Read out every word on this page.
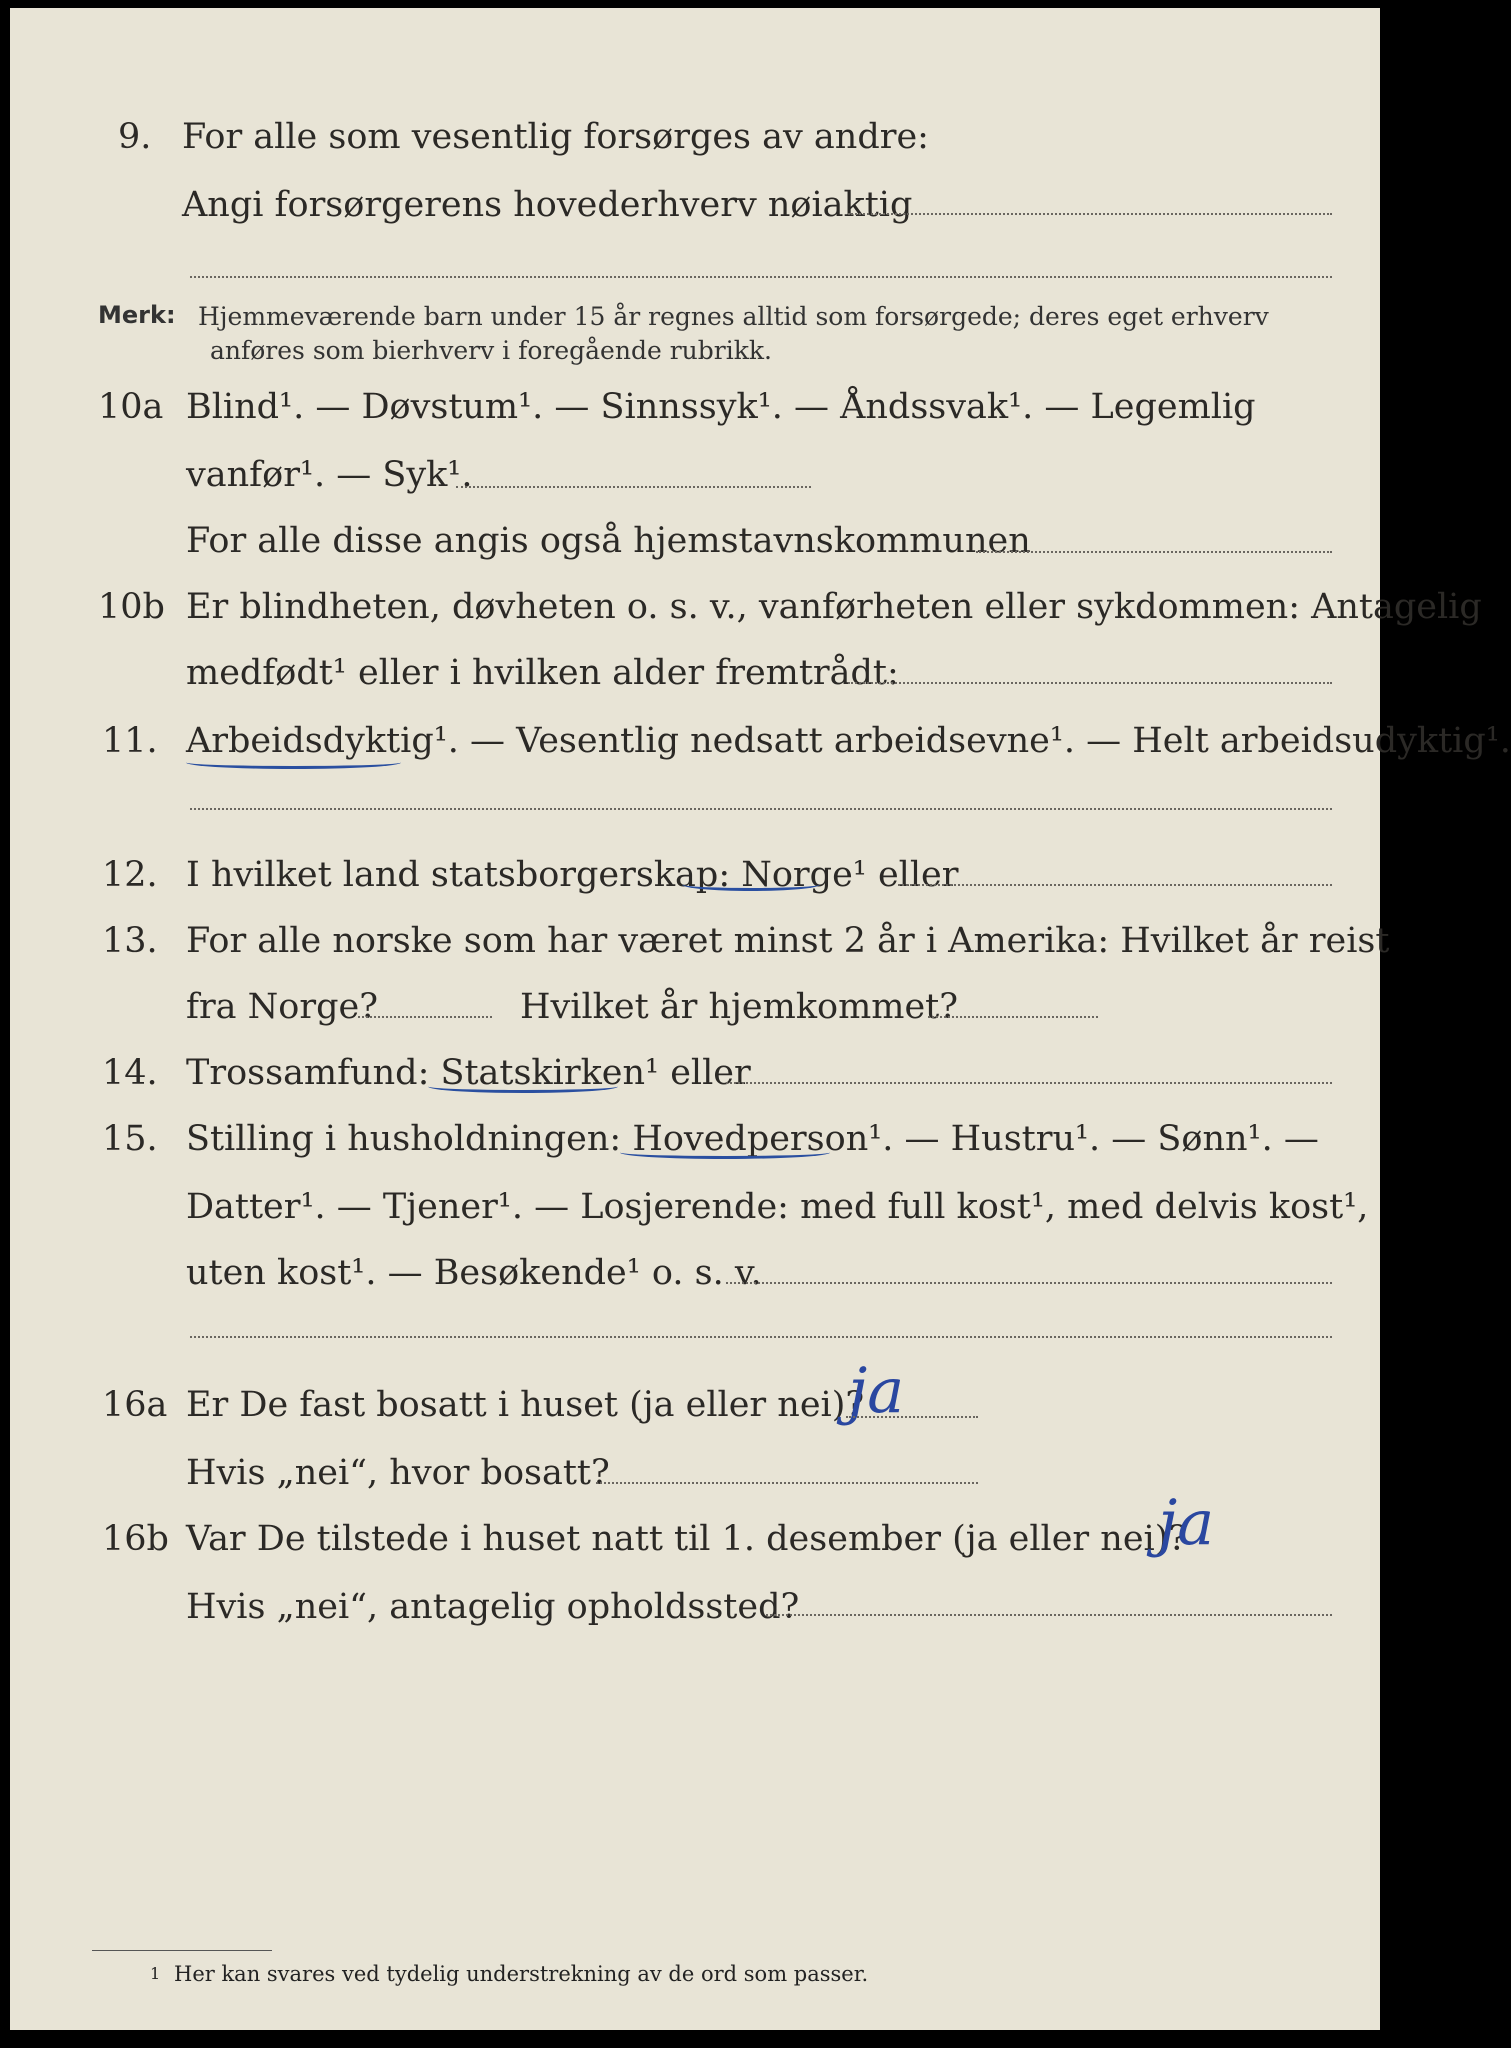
9. For alle som vesentlig forsørges av andre:
Angi forsørgerens hovederhverv nøiaktig
Merk: Hjemmeværende barn under 15 år regnes alltid som forsørgede; deres eget erhverv
anføres som bierhverv i foregående rubrikk.
10a Blind¹. — Døvstum¹. — Sinnssyk¹. — Åndssvak¹. — Legemlig
vanfør¹. — Syk¹.
For alle disse angis også hjemstavnskommunen
10b Er blindheten, døvheten o. s. v., vanførheten eller sykdommen: Antagelig
medfødt¹ eller i hvilken alder fremtrådt:
11. Arbeidsdyktig¹. — Vesentlig nedsatt arbeidsevne¹. — Helt arbeidsudyktig¹.
12. I hvilket land statsborgerskap: Norge¹ eller
13. For alle norske som har været minst 2 år i Amerika: Hvilket år reist
fra Norge?	Hvilket år hjemkommet?
14. Trossamfund: Statskirken¹ eller
15. Stilling i husholdningen: Hovedperson¹. — Hustru¹. — Sønn¹. —
Datter¹. — Tjener¹. — Losjerende: med full kost¹, med delvis kost¹,
uten kost¹. — Besøkende¹ o. s. v.
16a Er De fast bosatt i huset (ja eller nei)?
ja
Hvis „nei“, hvor bosatt?
16b Var De tilstede i huset natt til 1. desember (ja eller nei)?
ja
Hvis „nei“, antagelig opholdssted?
1 Her kan svares ved tydelig understrekning av de ord som passer.
